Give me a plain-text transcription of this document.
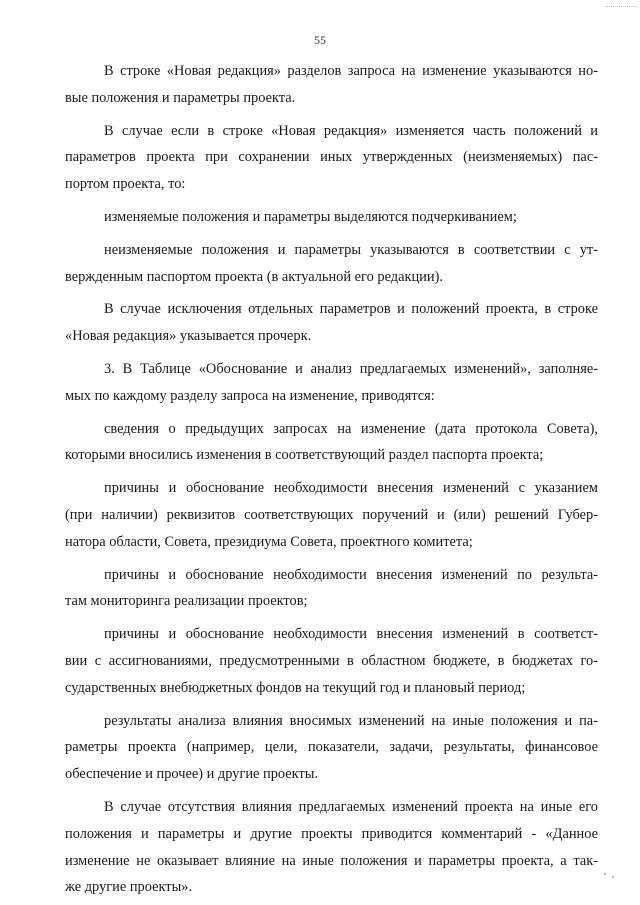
55
В строке «Новая редакция» разделов запроса на изменение указываются но-
вые положения и параметры проекта.
В случае если в строке «Новая редакция» изменяется часть положений и
параметров проекта при сохранении иных утвержденных (неизменяемых) пас-
портом проекта, то:
изменяемые положения и параметры выделяются подчеркиванием;
неизменяемые положения и параметры указываются в соответствии с ут-
вержденным паспортом проекта (в актуальной его редакции).
В случае исключения отдельных параметров и положений проекта, в строке
«Новая редакция» указывается прочерк.
3. В Таблице «Обоснование и анализ предлагаемых изменений», заполняе-
мых по каждому разделу запроса на изменение, приводятся:
сведения о предыдущих запросах на изменение (дата протокола Совета),
которыми вносились изменения в соответствующий раздел паспорта проекта;
причины и обоснование необходимости внесения изменений с указанием
(при наличии) реквизитов соответствующих поручений и (или) решений Губер-
натора области, Совета, президиума Совета, проектного комитета;
причины и обоснование необходимости внесения изменений по результа-
там мониторинга реализации проектов;
причины и обоснование необходимости внесения изменений в соответст-
вии с ассигнованиями, предусмотренными в областном бюджете, в бюджетах го-
сударственных внебюджетных фондов на текущий год и плановый период;
результаты анализа влияния вносимых изменений на иные положения и па-
раметры проекта (например, цели, показатели, задачи, результаты, финансовое
обеспечение и прочее) и другие проекты.
В случае отсутствия влияния предлагаемых изменений проекта на иные его
положения и параметры и другие проекты приводится комментарий - «Данное
изменение не оказывает влияние на иные положения и параметры проекта, а так-
же другие проекты».
